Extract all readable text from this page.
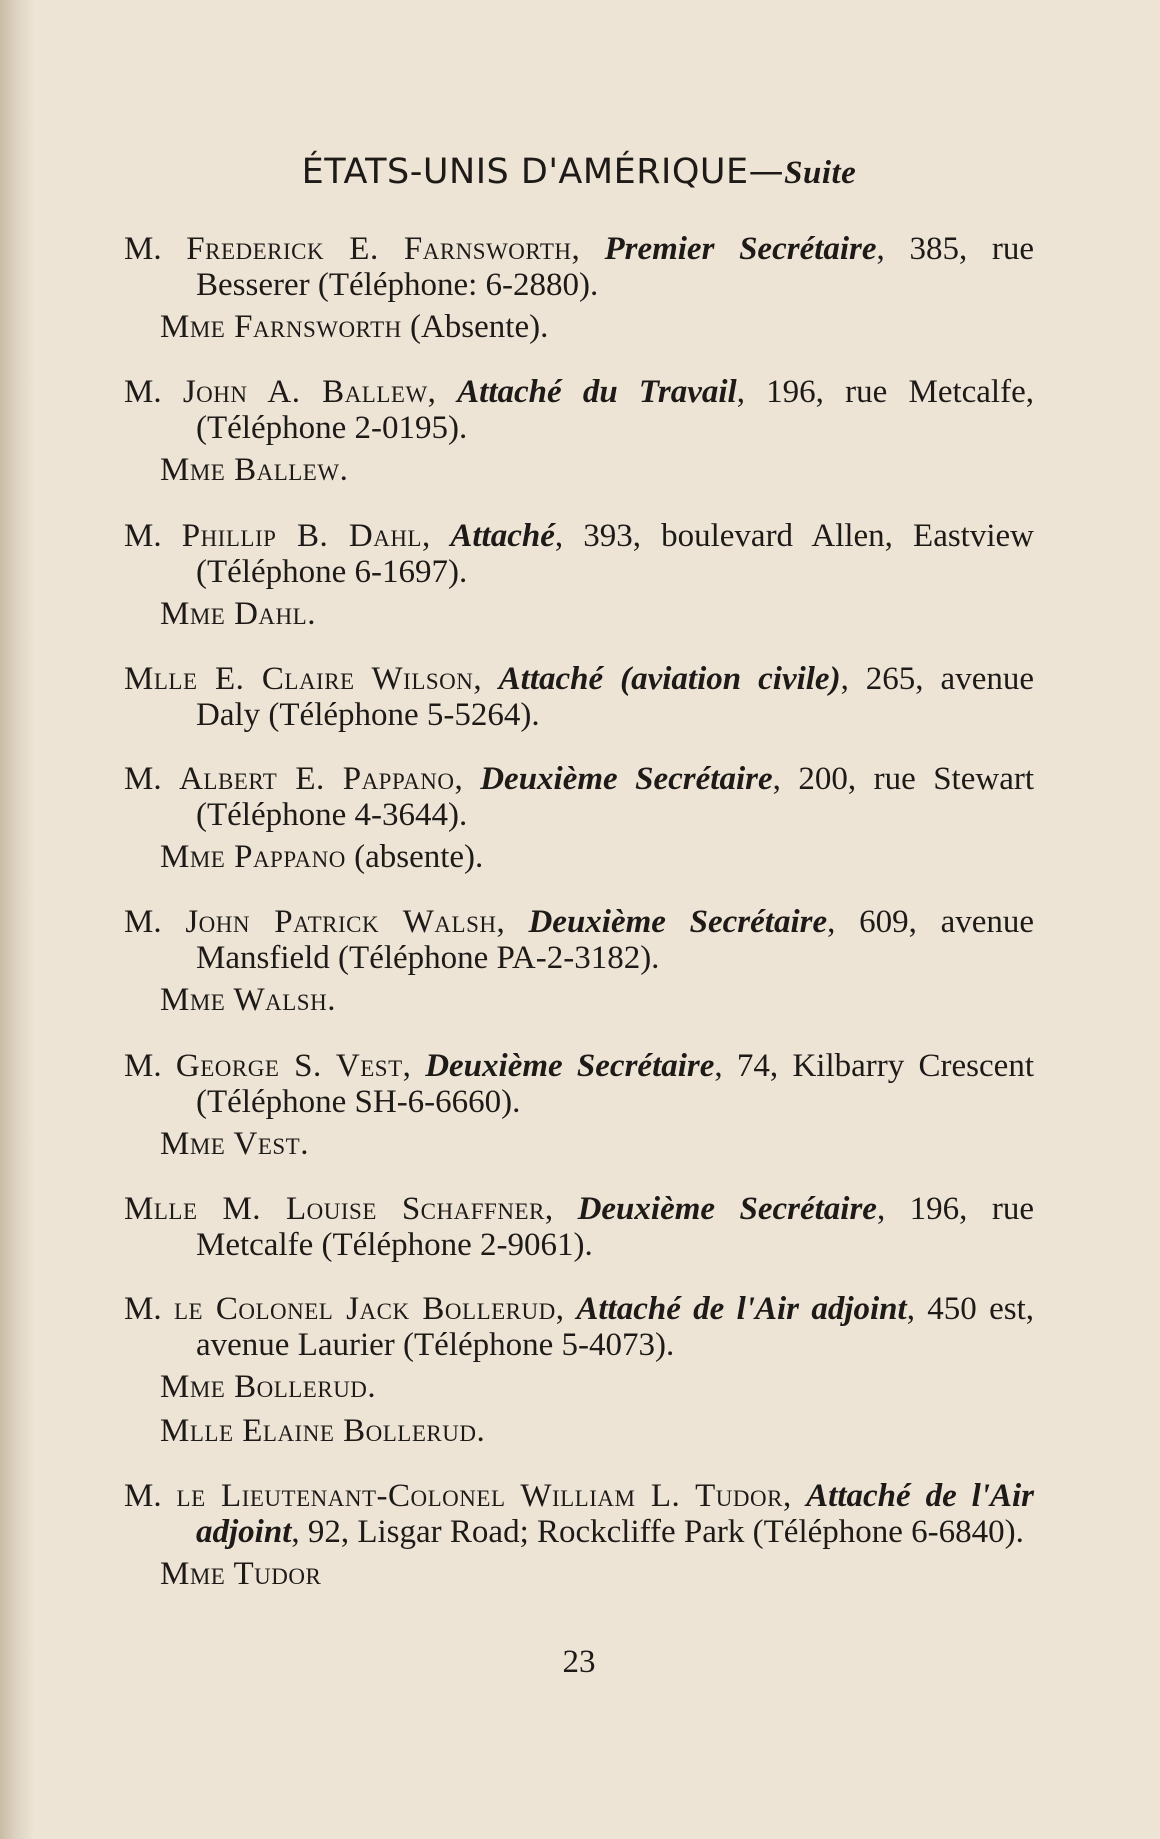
ÉTATS-UNIS D'AMÉRIQUE—Suite

M. Frederick E. Farnsworth, Premier Secrétaire, 385, rue Besserer (Téléphone: 6-2880).

Mme Farnsworth (Absente).

M. John A. Ballew, Attaché du Travail, 196, rue Metcalfe, (Téléphone 2-0195).

Mme Ballew.

M. Phillip B. Dahl, Attaché, 393, boulevard Allen, Eastview (Téléphone 6-1697).

Mme Dahl.

Mlle E. Claire Wilson, Attaché (aviation civile), 265, avenue Daly (Téléphone 5-5264).

M. Albert E. Pappano, Deuxième Secrétaire, 200, rue Stewart (Téléphone 4-3644).

Mme Pappano (absente).

M. John Patrick Walsh, Deuxième Secrétaire, 609, avenue Mansfield (Téléphone PA-2-3182).

Mme Walsh.

M. George S. Vest, Deuxième Secrétaire, 74, Kilbarry Crescent (Téléphone SH-6-6660).

Mme Vest.

Mlle M. Louise Schaffner, Deuxième Secrétaire, 196, rue Metcalfe (Téléphone 2-9061).

M. le Colonel Jack Bollerud, Attaché de l'Air adjoint, 450 est, avenue Laurier (Téléphone 5-4073).

Mme Bollerud.

Mlle Elaine Bollerud.

M. le Lieutenant-Colonel William L. Tudor, Attaché de l'Air adjoint, 92, Lisgar Road; Rockcliffe Park (Téléphone 6-6840).

Mme Tudor

23
